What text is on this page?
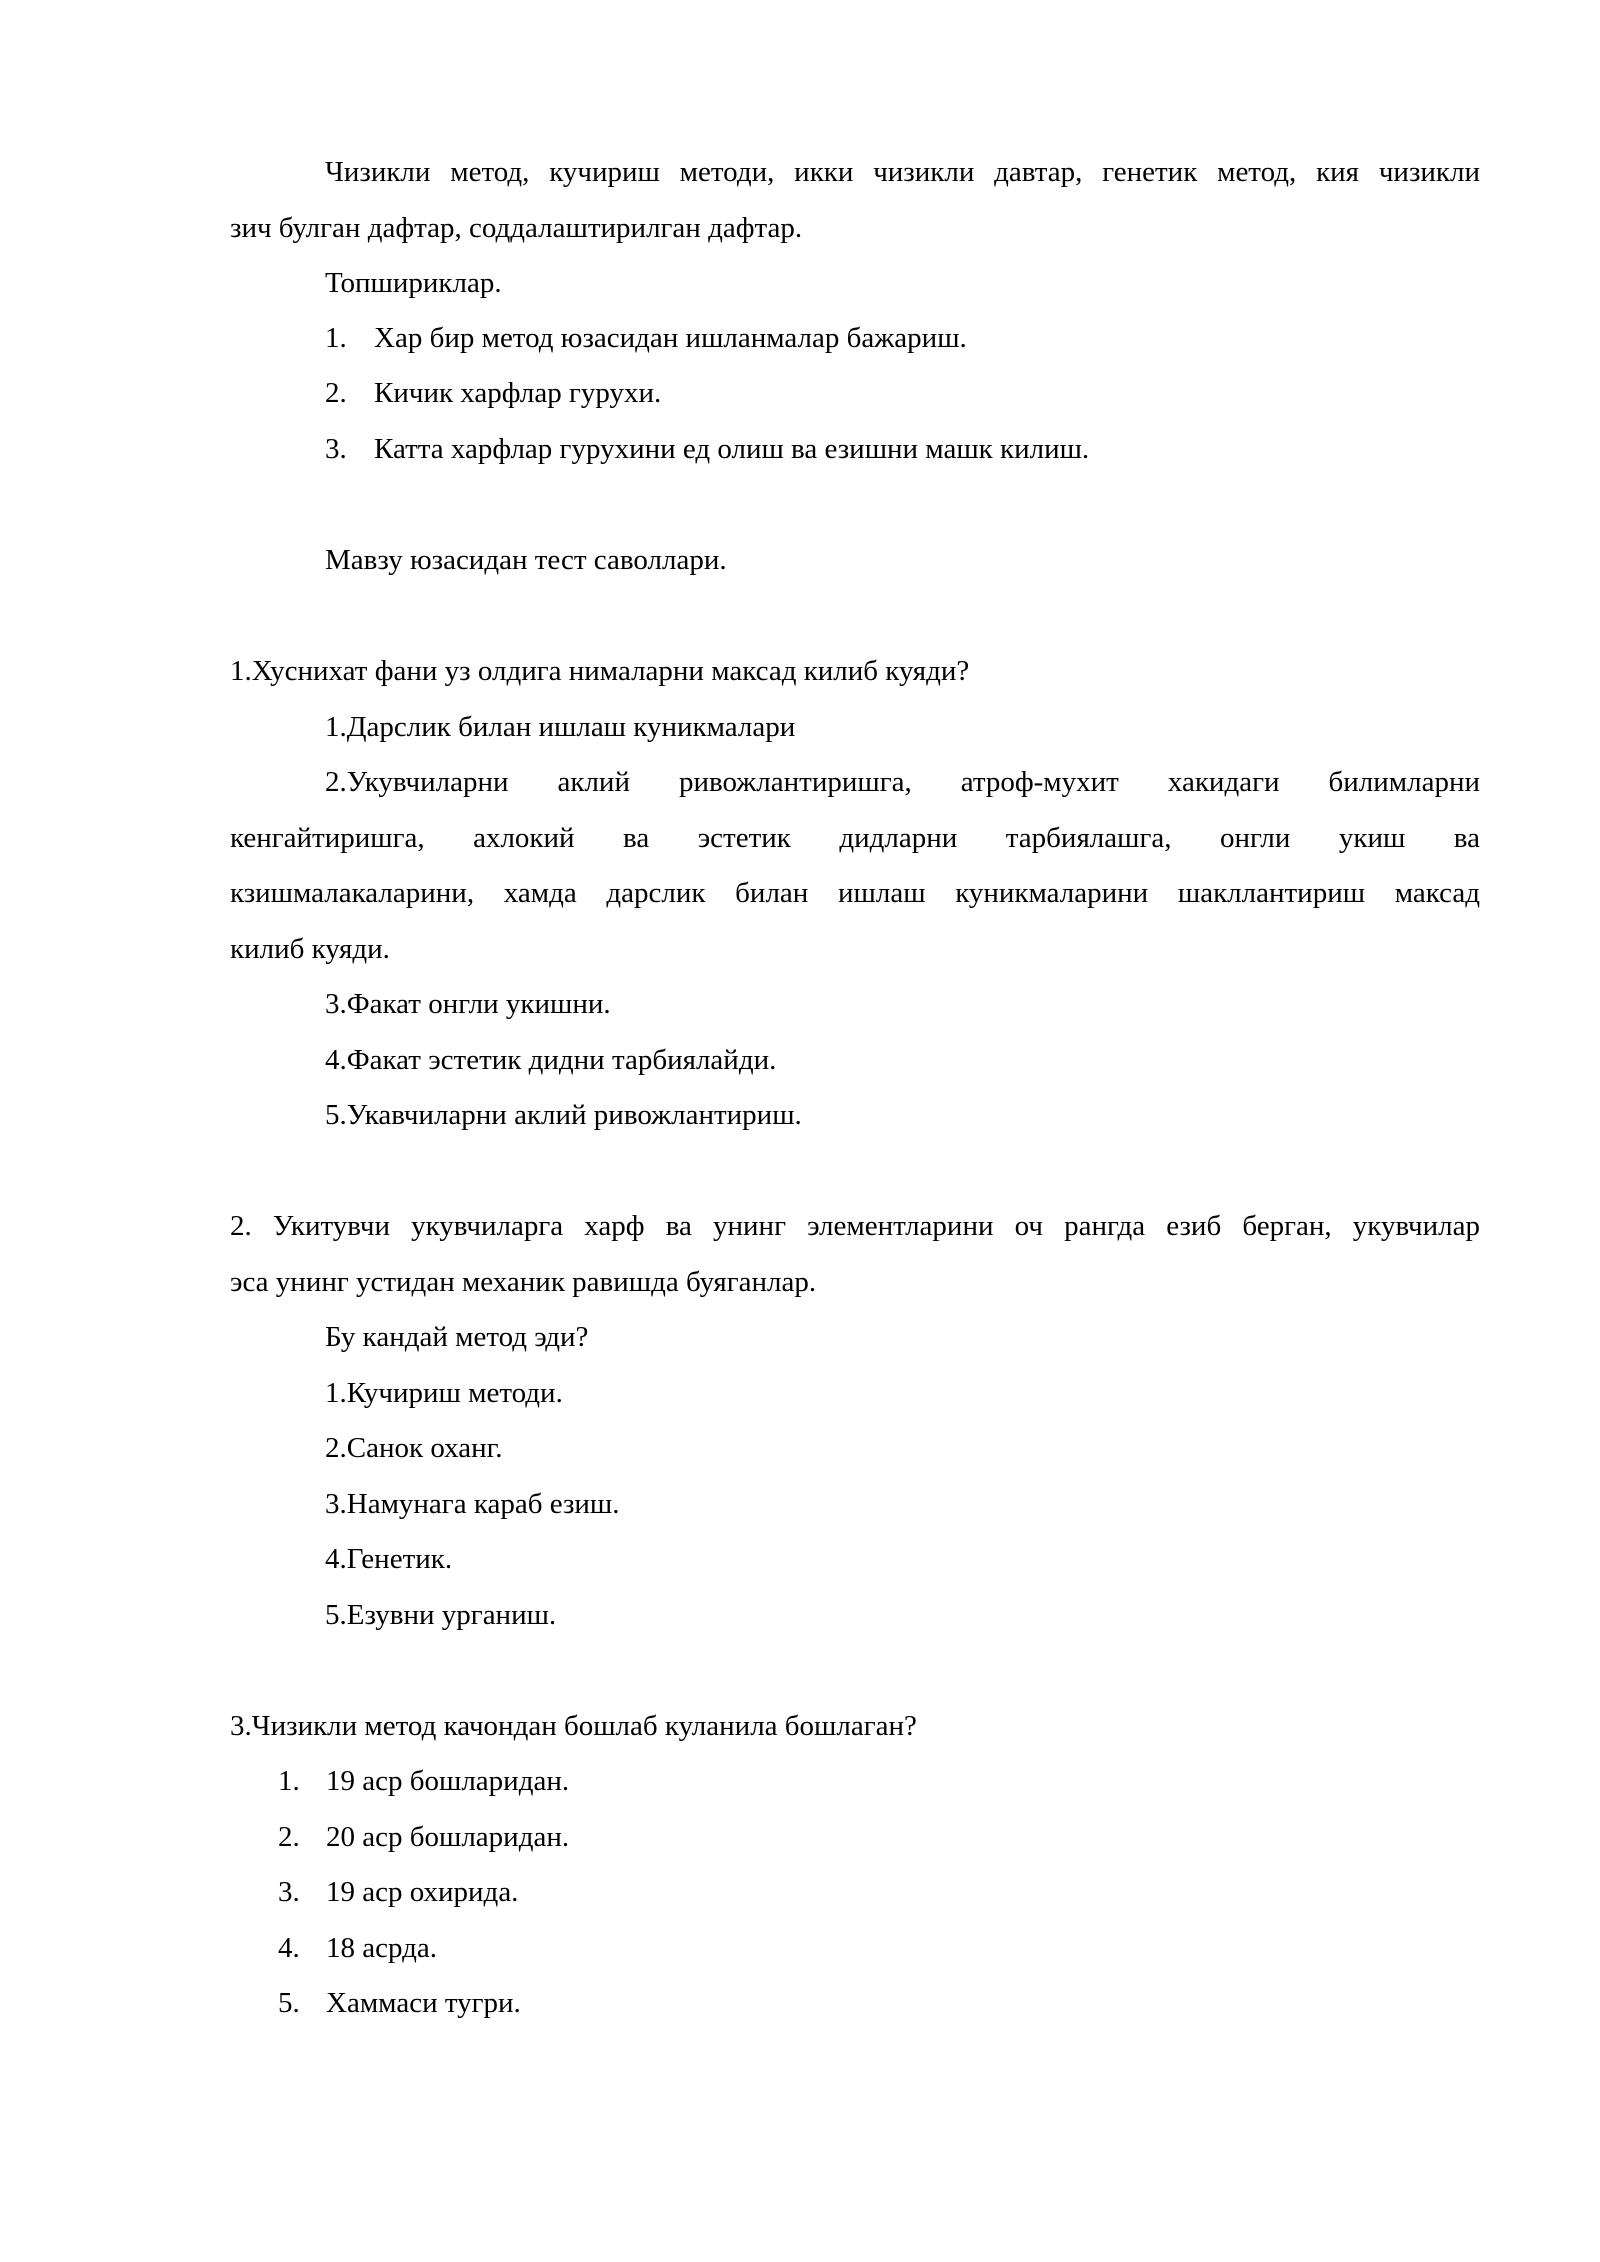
Чизикли метод, кучириш методи, икки чизикли давтар, генетик метод, кия чизикли
зич булган дафтар, соддалаштирилган дафтар.
Топшириклар.
1. Хар бир метод юзасидан ишланмалар бажариш.
2. Кичик харфлар гурухи.
3. Катта харфлар гурухини ед олиш ва езишни машк килиш.
Мавзу юзасидан тест саволлари.
1.Хуснихат фани уз олдига нималарни максад килиб куяди?
1.Дарслик билан ишлаш куникмалари
2.Укувчиларни аклий ривожлантиришга, атроф-мухит хакидаги билимларни
кенгайтиришга, ахлокий ва эстетик дидларни тарбиялашга, онгли укиш ва
кзишмалакаларини, хамда дарслик билан ишлаш куникмаларини шакллантириш максад
килиб куяди.
3.Факат онгли укишни.
4.Факат эстетик дидни тарбиялайди.
5.Укавчиларни аклий ривожлантириш.
2. Укитувчи укувчиларга харф ва унинг элементларини оч рангда езиб берган, укувчилар
эса унинг устидан механик равишда буяганлар.
Бу кандай метод эди?
1.Кучириш методи.
2.Санок оханг.
3.Намунага караб езиш.
4.Генетик.
5.Езувни урганиш.
3.Чизикли метод качондан бошлаб куланила бошлаган?
1. 19 аср бошларидан.
2. 20 аср бошларидан.
3. 19 аср охирида.
4. 18 асрда.
5. Хаммаси тугри.
